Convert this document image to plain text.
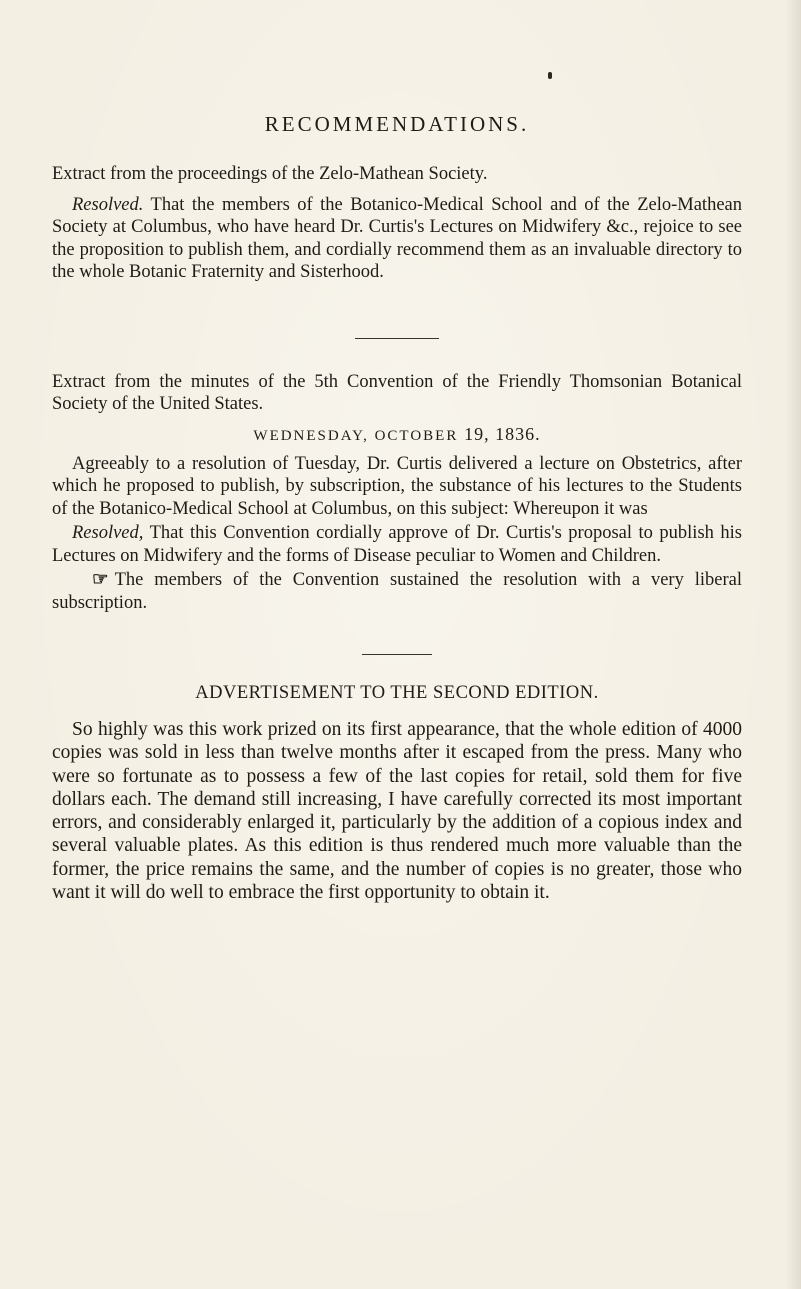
RECOMMENDATIONS.

Extract from the proceedings of the Zelo-Mathean Society.

Resolved. That the members of the Botanico-Medical School and of the Zelo-Mathean Society at Columbus, who have heard Dr. Curtis's Lectures on Midwifery &c., rejoice to see the proposition to publish them, and cordially recommend them as an invaluable directory to the whole Botanic Fraternity and Sisterhood.

Extract from the minutes of the 5th Convention of the Friendly Thomsonian Botanical Society of the United States.

WEDNESDAY, OCTOBER 19, 1836.

Agreeably to a resolution of Tuesday, Dr. Curtis delivered a lecture on Obstetrics, after which he proposed to publish, by subscription, the substance of his lectures to the Students of the Botanico-Medical School at Columbus, on this subject: Whereupon it was

Resolved, That this Convention cordially approve of Dr. Curtis's proposal to publish his Lectures on Midwifery and the forms of Disease peculiar to Women and Children.

☞ The members of the Convention sustained the resolution with a very liberal subscription.

ADVERTISEMENT TO THE SECOND EDITION.

So highly was this work prized on its first appearance, that the whole edition of 4000 copies was sold in less than twelve months after it escaped from the press. Many who were so fortunate as to possess a few of the last copies for retail, sold them for five dollars each. The demand still increasing, I have carefully corrected its most important errors, and considerably enlarged it, particularly by the addition of a copious index and several valuable plates. As this edition is thus rendered much more valuable than the former, the price remains the same, and the number of copies is no greater, those who want it will do well to embrace the first opportunity to obtain it.
